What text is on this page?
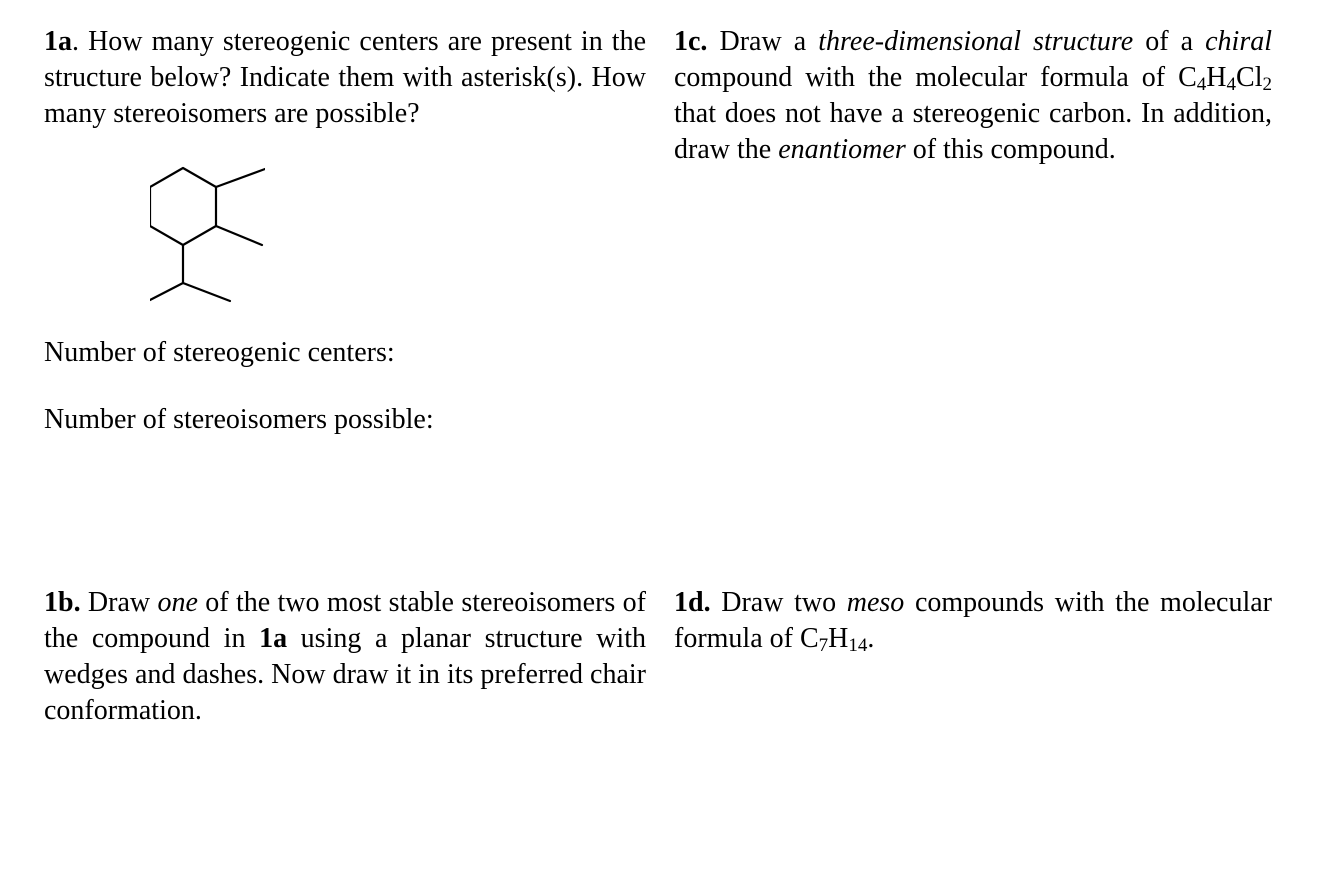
1a. How many stereogenic centers are present in the structure below? Indicate them with asterisk(s). How many stereoisomers are possible?
Number of stereogenic centers:
Number of stereoisomers possible:
1c. Draw a three-dimensional structure of a chiral compound with the molecular formula of $C_4H_4Cl_2$ that does not have a stereogenic carbon. In addition, draw the enantiomer of this compound.
1b. Draw one of the two most stable stereoisomers of the compound in 1a using a planar structure with wedges and dashes. Now draw it in its preferred chair conformation.
1d. Draw two meso compounds with the molecular formula of $C_7H_{14}$.
